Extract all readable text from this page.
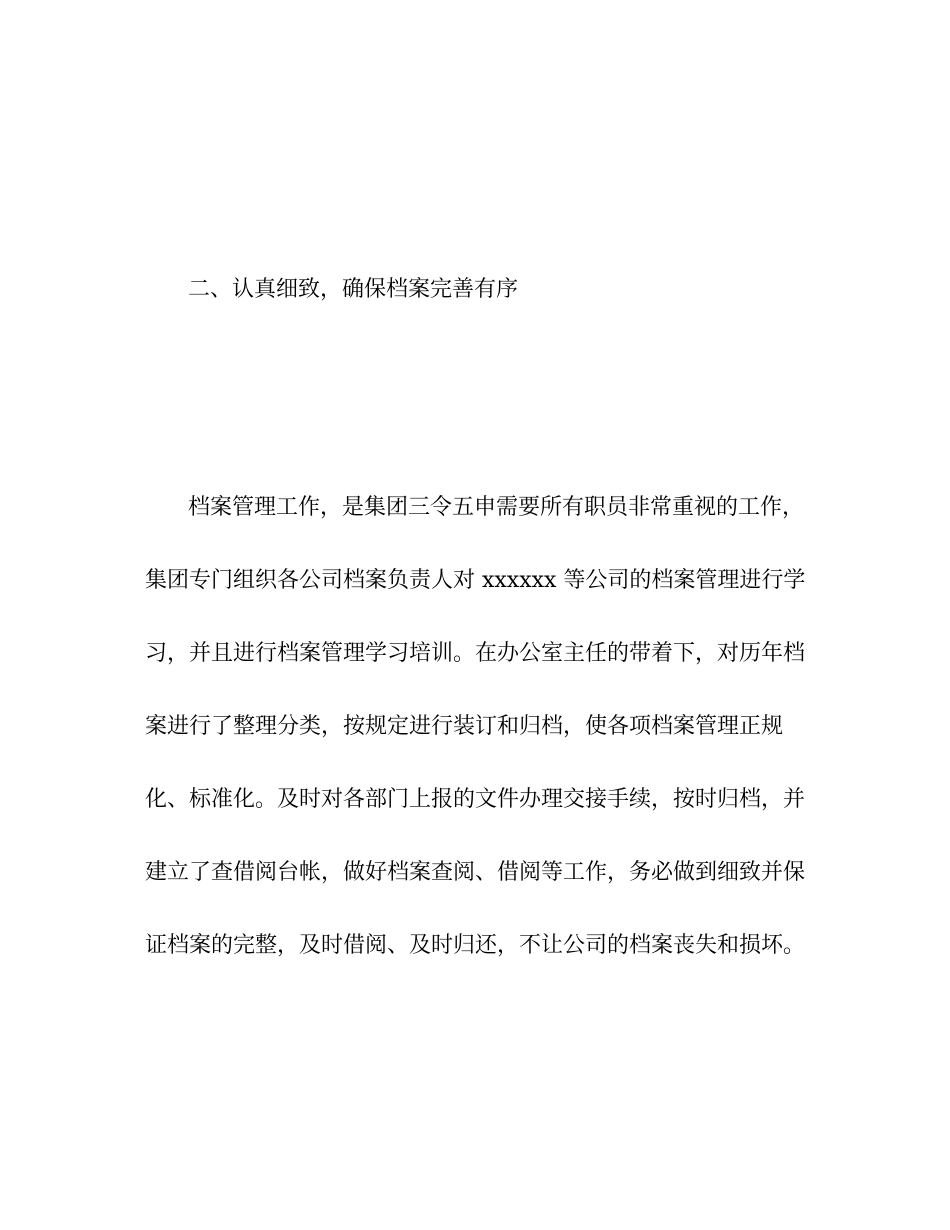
二、认真细致，确保档案完善有序
档案管理工作，是集团三令五申需要所有职员非常重视的工作，
集团专门组织各公司档案负责人对 xxxxxx 等公司的档案管理进行学
习，并且进行档案管理学习培训。在办公室主任的带着下，对历年档
案进行了整理分类，按规定进行装订和归档，使各项档案管理正规
化、标准化。及时对各部门上报的文件办理交接手续，按时归档，并
建立了查借阅台帐，做好档案查阅、借阅等工作，务必做到细致并保
证档案的完整，及时借阅、及时归还，不让公司的档案丧失和损坏。
